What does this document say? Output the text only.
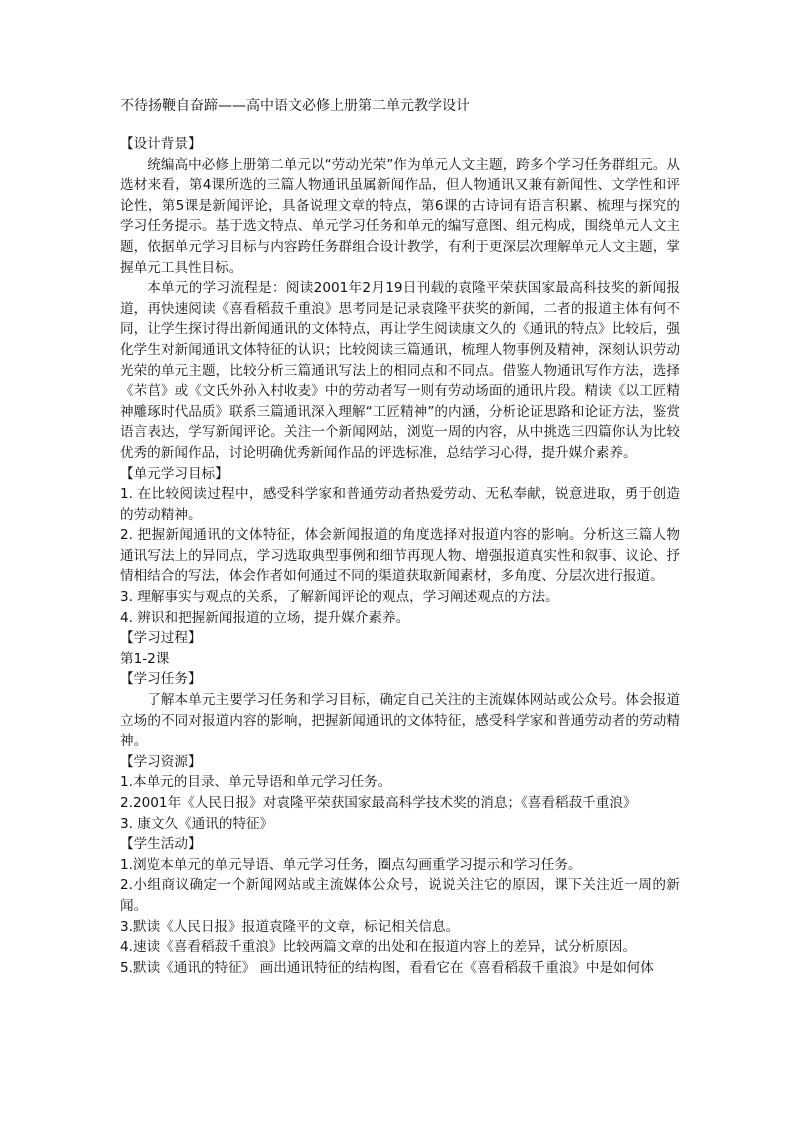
不待扬鞭自奋蹄——高中语文必修上册第二单元教学设计

【设计背景】

统编高中必修上册第二单元以“劳动光荣”作为单元人文主题，跨多个学习任务群组元。从选材来看，第4课所选的三篇人物通讯虽属新闻作品，但人物通讯又兼有新闻性、文学性和评论性，第5课是新闻评论，具备说理文章的特点，第6课的古诗词有语言积累、梳理与探究的学习任务提示。基于选文特点、单元学习任务和单元的编写意图、组元构成，围绕单元人文主题，依据单元学习目标与内容跨任务群组合设计教学，有利于更深层次理解单元人文主题，掌握单元工具性目标。

本单元的学习流程是：阅读2001年2月19日刊载的袁隆平荣获国家最高科技奖的新闻报道，再快速阅读《喜看稻菽千重浪》思考同是记录袁隆平获奖的新闻，二者的报道主体有何不同，让学生探讨得出新闻通讯的文体特点，再让学生阅读康文久的《通讯的特点》比较后，强化学生对新闻通讯文体特征的认识；比较阅读三篇通讯，梳理人物事例及精神，深刻认识劳动光荣的单元主题，比较分析三篇通讯写法上的相同点和不同点。借鉴人物通讯写作方法，选择《芣苢》或《文氏外孙入村收麦》中的劳动者写一则有劳动场面的通讯片段。精读《以工匠精神雕琢时代品质》联系三篇通讯深入理解“工匠精神”的内涵，分析论证思路和论证方法，鉴赏语言表达，学写新闻评论。关注一个新闻网站，浏览一周的内容，从中挑选三四篇你认为比较优秀的新闻作品，讨论明确优秀新闻作品的评选标准，总结学习心得，提升媒介素养。

【单元学习目标】

1. 在比较阅读过程中，感受科学家和普通劳动者热爱劳动、无私奉献，锐意进取，勇于创造的劳动精神。

2. 把握新闻通讯的文体特征，体会新闻报道的角度选择对报道内容的影响。分析这三篇人物通讯写法上的异同点，学习选取典型事例和细节再现人物、增强报道真实性和叙事、议论、抒情相结合的写法，体会作者如何通过不同的渠道获取新闻素材，多角度、分层次进行报道。

3. 理解事实与观点的关系，了解新闻评论的观点，学习阐述观点的方法。

4. 辨识和把握新闻报道的立场，提升媒介素养。

【学习过程】

第1-2课

【学习任务】

了解本单元主要学习任务和学习目标，确定自己关注的主流媒体网站或公众号。体会报道立场的不同对报道内容的影响，把握新闻通讯的文体特征，感受科学家和普通劳动者的劳动精神。

【学习资源】

1.本单元的目录、单元导语和单元学习任务。

2.2001年《人民日报》对袁隆平荣获国家最高科学技术奖的消息；《喜看稻菽千重浪》

3. 康文久《通讯的特征》

【学生活动】

1.浏览本单元的单元导语、单元学习任务，圈点勾画重学习提示和学习任务。

2.小组商议确定一个新闻网站或主流媒体公众号，说说关注它的原因，课下关注近一周的新闻。

3.默读《人民日报》报道袁隆平的文章，标记相关信息。

4.速读《喜看稻菽千重浪》比较两篇文章的出处和在报道内容上的差异，试分析原因。

5.默读《通讯的特征》 画出通讯特征的结构图，看看它在《喜看稻菽千重浪》中是如何体
